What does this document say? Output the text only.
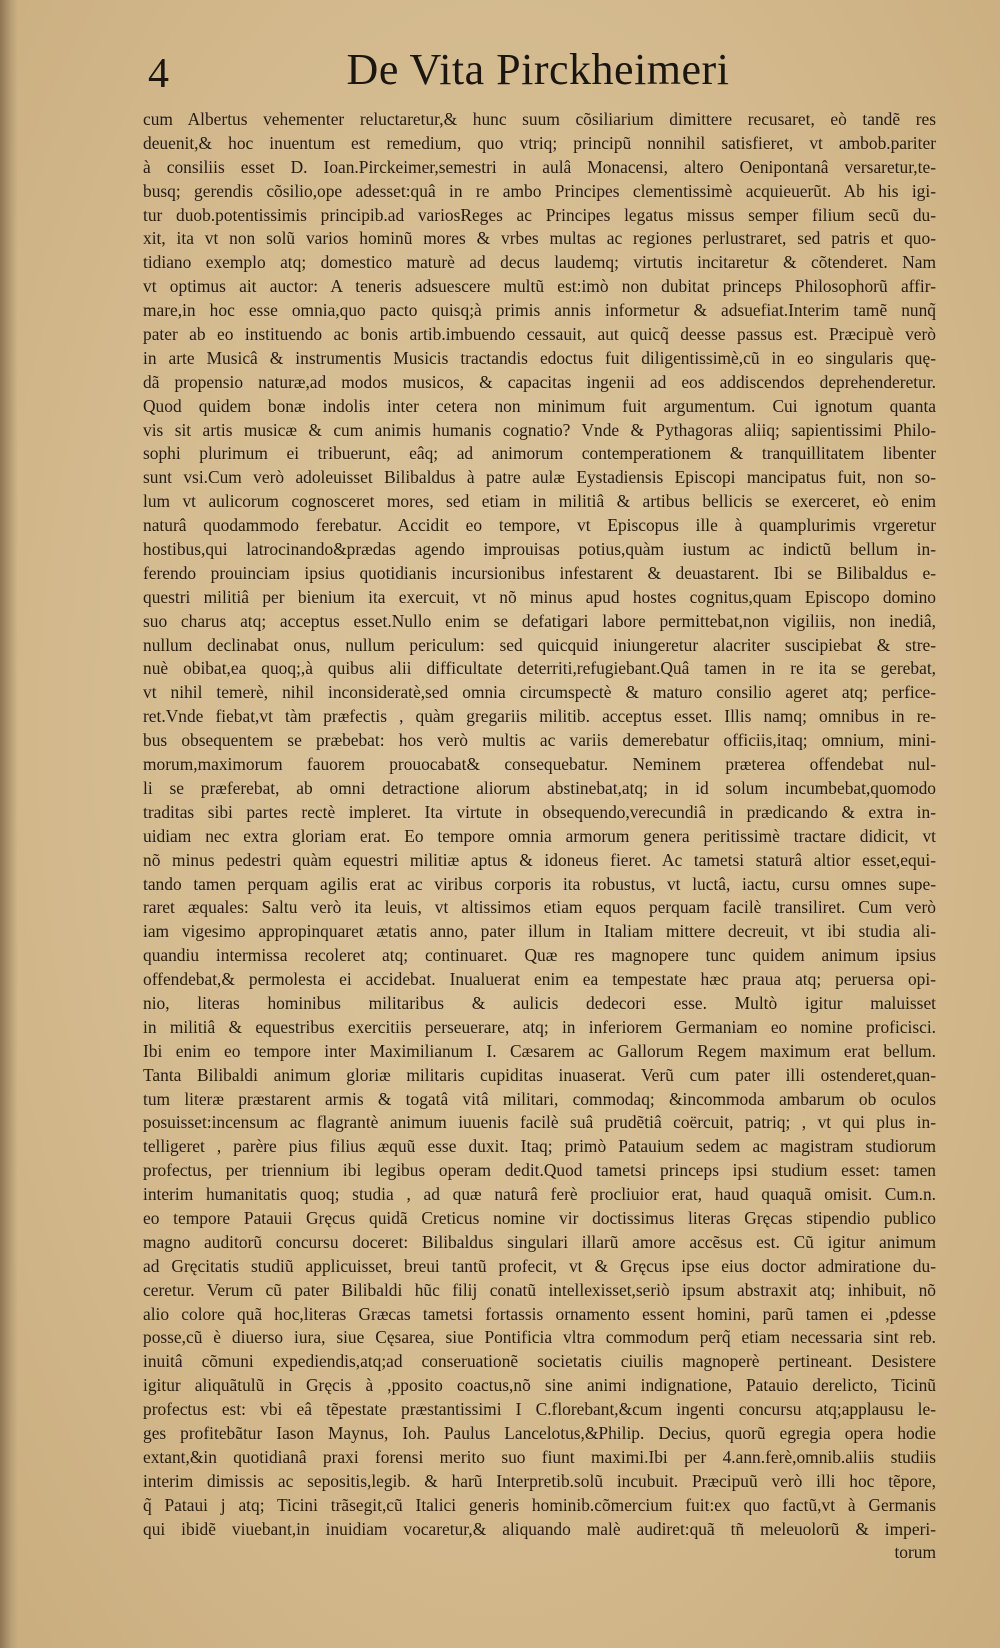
4	De Vita Pirckheimeri
cum Albertus vehementer reluctaretur,& hunc suum cõsiliarium dimittere recusaret, eò tandẽ res
deuenit,& hoc inuentum est remedium, quo vtriq; principũ nonnihil satisfieret, vt ambob.pariter
à consiliis esset D. Ioan.Pirckeimer,semestri in aulâ Monacensi, altero Oenipontanâ versaretur,te-
busq; gerendis cõsilio,ope adesset:quâ in re ambo Principes clementissimè acquieuerũt. Ab his igi-
tur duob.potentissimis principib.ad variosReges ac Principes legatus missus semper filium secũ du-
xit, ita vt non solũ varios hominũ mores & vrbes multas ac regiones perlustraret, sed patris et quo-
tidiano exemplo atq; domestico maturè ad decus laudemq; virtutis incitaretur & cõtenderet. Nam
vt optimus ait auctor: A teneris adsuescere multũ est:imò non dubitat princeps Philosophorũ affir-
mare,in hoc esse omnia,quo pacto quisq;à primis annis informetur & adsuefiat.Interim tamẽ nunq̃
pater ab eo instituendo ac bonis artib.imbuendo cessauit, aut quicq̃ deesse passus est. Præcipuè verò
in arte Musicâ & instrumentis Musicis tractandis edoctus fuit diligentissimè,cũ in eo singularis quę-
dã propensio naturæ,ad modos musicos, & capacitas ingenii ad eos addiscendos deprehenderetur.
Quod quidem bonæ indolis inter cetera non minimum fuit argumentum. Cui ignotum quanta
vis sit artis musicæ & cum animis humanis cognatio? Vnde & Pythagoras aliiq; sapientissimi Philo-
sophi plurimum ei tribuerunt, eâq; ad animorum contemperationem & tranquillitatem libenter
sunt vsi.Cum verò adoleuisset Bilibaldus à patre aulæ Eystadiensis Episcopi mancipatus fuit, non so-
lum vt aulicorum cognosceret mores, sed etiam in militiâ & artibus bellicis se exerceret, eò enim
naturâ quodammodo ferebatur. Accidit eo tempore, vt Episcopus ille à quamplurimis vrgeretur
hostibus,qui latrocinando&prædas agendo improuisas potius,quàm iustum ac indictũ bellum in-
ferendo prouinciam ipsius quotidianis incursionibus infestarent & deuastarent. Ibi se Bilibaldus e-
questri militiâ per bienium ita exercuit, vt nõ minus apud hostes cognitus,quam Episcopo domino
suo charus atq; acceptus esset.Nullo enim se defatigari labore permittebat,non vigiliis, non inediâ,
nullum declinabat onus, nullum periculum: sed quicquid iniungeretur alacriter suscipiebat & stre-
nuè obibat,ea quoq;,à quibus alii difficultate deterriti,refugiebant.Quâ tamen in re ita se gerebat,
vt nihil temerè, nihil inconsideratè,sed omnia circumspectè & maturo consilio ageret atq; perfice-
ret.Vnde fiebat,vt tàm præfectis , quàm gregariis militib. acceptus esset. Illis namq; omnibus in re-
bus obsequentem se præbebat: hos verò multis ac variis demerebatur officiis,itaq; omnium, mini-
morum,maximorum fauorem prouocabat& consequebatur. Neminem præterea offendebat nul-
li se præferebat, ab omni detractione aliorum abstinebat,atq; in id solum incumbebat,quomodo
traditas sibi partes rectè impleret. Ita virtute in obsequendo,verecundiâ in prædicando & extra in-
uidiam nec extra gloriam erat. Eo tempore omnia armorum genera peritissimè tractare didicit, vt
nõ minus pedestri quàm equestri militiæ aptus & idoneus fieret. Ac tametsi staturâ altior esset,equi-
tando tamen perquam agilis erat ac viribus corporis ita robustus, vt luctâ, iactu, cursu omnes supe-
raret æquales: Saltu verò ita leuis, vt altissimos etiam equos perquam facilè transiliret. Cum verò
iam vigesimo appropinquaret ætatis anno, pater illum in Italiam mittere decreuit, vt ibi studia ali-
quandiu intermissa recoleret atq; continuaret. Quæ res magnopere tunc quidem animum ipsius
offendebat,& permolesta ei accidebat. Inualuerat enim ea tempestate hæc praua atq; peruersa opi-
nio, literas hominibus militaribus & aulicis dedecori esse. Multò igitur maluisset
in militiâ & equestribus exercitiis perseuerare, atq; in inferiorem Germaniam eo nomine proficisci.
Ibi enim eo tempore inter Maximilianum I. Cæsarem ac Gallorum Regem maximum erat bellum.
Tanta Bilibaldi animum gloriæ militaris cupiditas inuaserat. Verũ cum pater illi ostenderet,quan-
tum literæ præstarent armis & togatâ vitâ militari, commodaq; &incommoda ambarum ob oculos
posuisset:incensum ac flagrantè animum iuuenis facilè suâ prudẽtiâ coërcuit, patriq; , vt qui plus in-
telligeret , parère pius filius æquũ esse duxit. Itaq; primò Patauium sedem ac magistram studiorum
profectus, per triennium ibi legibus operam dedit.Quod tametsi princeps ipsi studium esset: tamen
interim humanitatis quoq; studia , ad quæ naturâ ferè procliuior erat, haud quaquã omisit. Cum.n.
eo tempore Patauii Gręcus quidã Creticus nomine vir doctissimus literas Gręcas stipendio publico
magno auditorũ concursu doceret: Bilibaldus singulari illarũ amore accẽsus est. Cũ igitur animum
ad Gręcitatis studiũ applicuisset, breui tantũ profecit, vt & Gręcus ipse eius doctor admiratione du-
ceretur. Verum cũ pater Bilibaldi hũc filij conatũ intellexisset,seriò ipsum abstraxit atq; inhibuit, nõ
alio colore quã hoc,literas Græcas tametsi fortassis ornamento essent homini, parũ tamen ei ,pdesse
posse,cũ è diuerso iura, siue Cęsarea, siue Pontificia vltra commodum perq̃ etiam necessaria sint reb.
inuitâ cõmuni expediendis,atq;ad conseruationẽ societatis ciuilis magnoperè pertineant. Desistere
igitur aliquãtulũ in Gręcis à ,pposito coactus,nõ sine animi indignatione, Patauio derelicto, Ticinũ
profectus est: vbi eâ tẽpestate præstantissimi I C.florebant,&cum ingenti concursu atq;applausu le-
ges profitebãtur Iason Maynus, Ioh. Paulus Lancelotus,&Philip. Decius, quorũ egregia opera hodie
extant,&in quotidianâ praxi forensi merito suo fiunt maximi.Ibi per 4.ann.ferè,omnib.aliis studiis
interim dimissis ac sepositis,legib. & harũ Interpretib.solũ incubuit. Præcipuũ verò illi hoc tẽpore,
q̃ Pataui j atq; Ticini trãsegit,cũ Italici generis hominib.cõmercium fuit:ex quo factũ,vt à Germanis
qui ibidẽ viuebant,in inuidiam vocaretur,& aliquando malè audiret:quã tñ meleuolorũ & imperi-
torum
